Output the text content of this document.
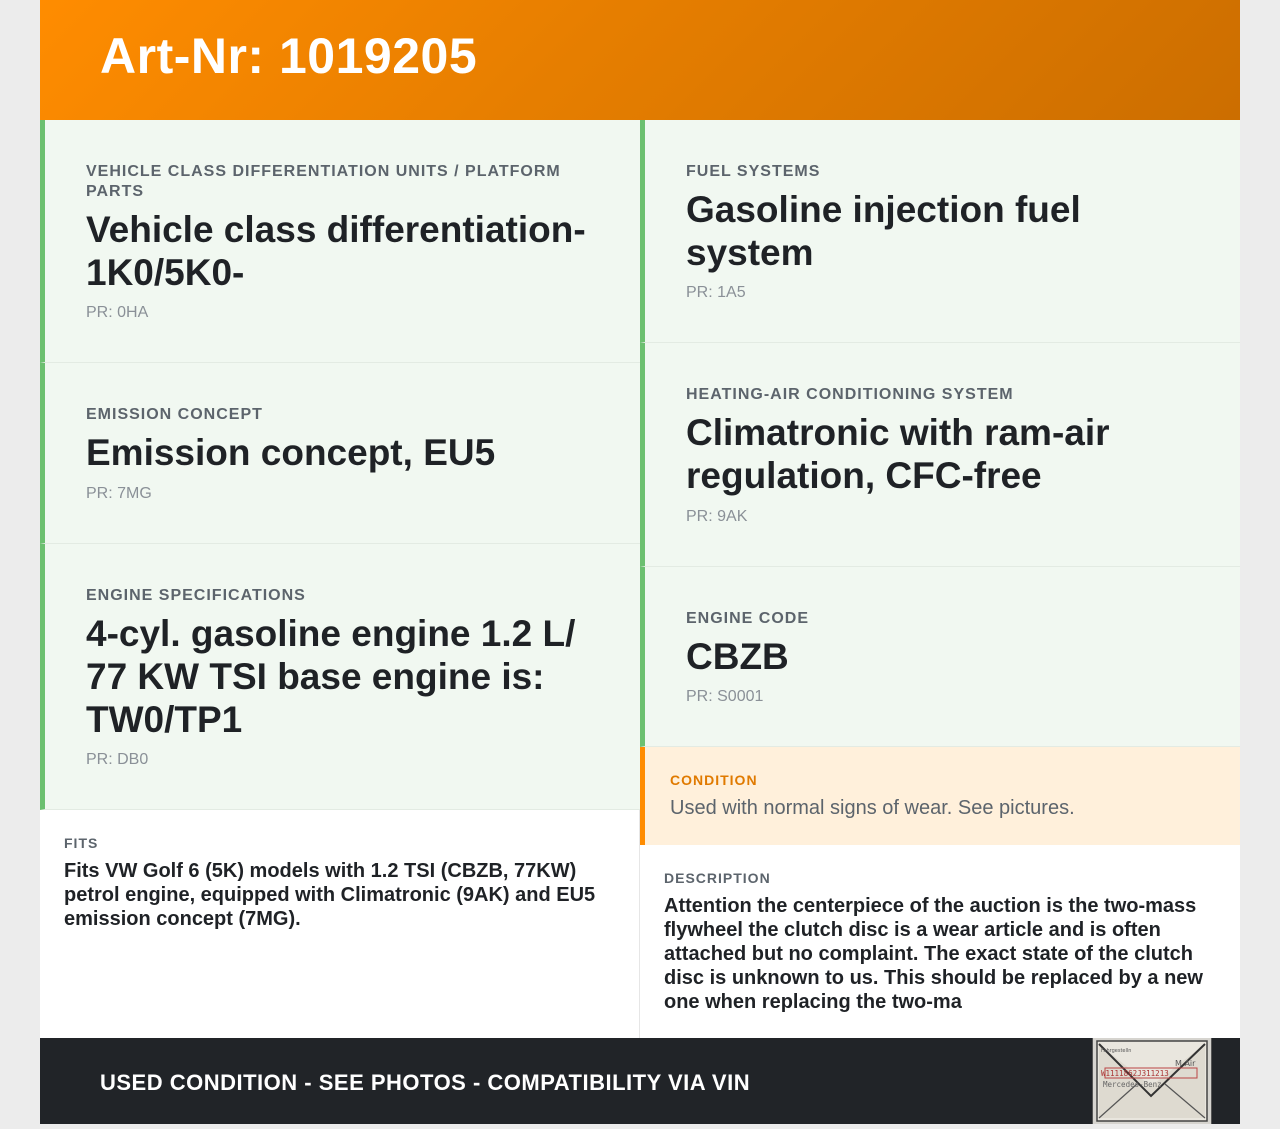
Art-Nr: 1019205
VEHICLE CLASS DIFFERENTIATION UNITS / PLATFORM PARTS
Vehicle class differentiation-1K0/5K0-
PR: 0HA
EMISSION CONCEPT
Emission concept, EU5
PR: 7MG
ENGINE SPECIFICATIONS
4-cyl. gasoline engine 1.2 L/ 77 KW TSI base engine is: TW0/TP1
PR: DB0
FUEL SYSTEMS
Gasoline injection fuel system
PR: 1A5
HEATING-AIR CONDITIONING SYSTEM
Climatronic with ram-air regulation, CFC-free
PR: 9AK
ENGINE CODE
CBZB
PR: S0001
CONDITION
Used with normal signs of wear. See pictures.
FITS
Fits VW Golf 6 (5K) models with 1.2 TSI (CBZB, 77KW) petrol engine, equipped with Climatronic (9AK) and EU5 emission concept (7MG).
DESCRIPTION
Attention the centerpiece of the auction is the two-mass flywheel the clutch disc is a wear article and is often attached but no complaint. The exact state of the clutch disc is unknown to us. This should be replaced by a new one when replacing the two-ma
USED CONDITION - SEE PHOTOS - COMPATIBILITY VIA VIN
Fahrgestelln
M Air
W1111862J311213
Mercedes-Benz
